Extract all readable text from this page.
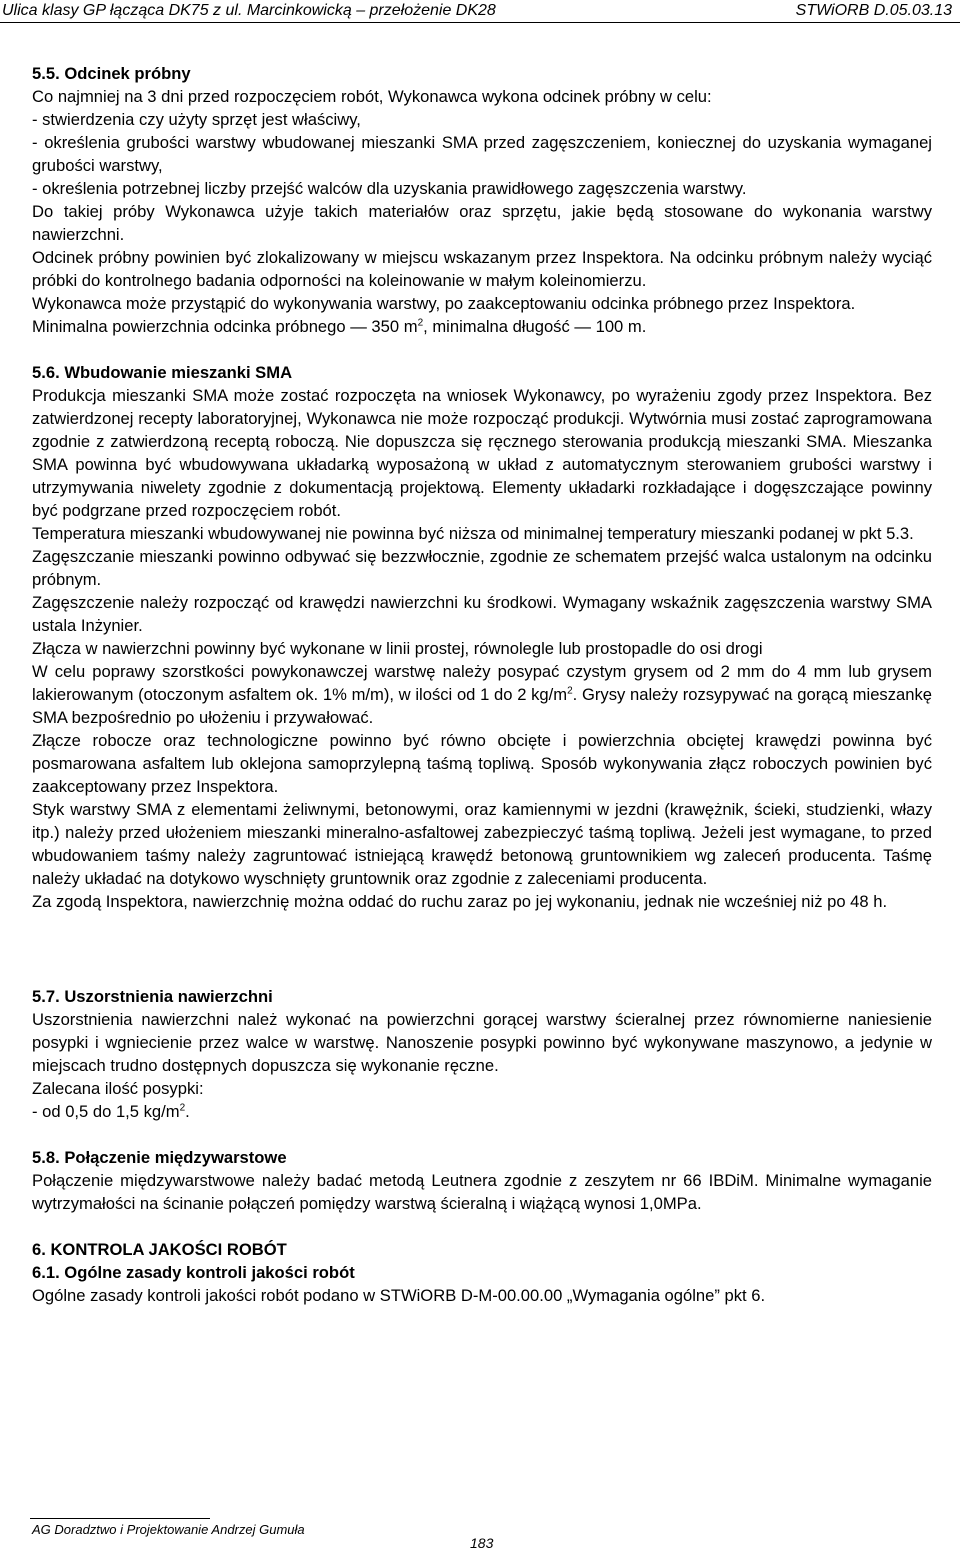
Ulica klasy GP łącząca DK75 z ul. Marcinkowicką – przełożenie DK28	STWiORB D.05.03.13

5.5. Odcinek próbny

Co najmniej na 3 dni przed rozpoczęciem robót, Wykonawca wykona odcinek próbny w celu:

- stwierdzenia czy użyty sprzęt jest właściwy,

- określenia grubości warstwy wbudowanej mieszanki SMA przed zagęszczeniem, koniecznej do uzyskania wymaganej grubości warstwy,

- określenia potrzebnej liczby przejść walców dla uzyskania prawidłowego zagęszczenia warstwy.

Do takiej próby Wykonawca użyje takich materiałów oraz sprzętu, jakie będą stosowane do wykonania warstwy nawierzchni.

Odcinek próbny powinien być zlokalizowany w miejscu wskazanym przez Inspektora. Na odcinku próbnym należy wyciąć próbki do kontrolnego badania odporności na koleinowanie w małym koleinomierzu.

Wykonawca może przystąpić do wykonywania warstwy, po zaakceptowaniu odcinka próbnego przez Inspektora.

Minimalna powierzchnia odcinka próbnego — 350 $m^2$, minimalna długość — 100 m.

5.6. Wbudowanie mieszanki SMA

Produkcja mieszanki SMA może zostać rozpoczęta na wniosek Wykonawcy, po wyrażeniu zgody przez Inspektora. Bez zatwierdzonej recepty laboratoryjnej, Wykonawca nie może rozpocząć produkcji. Wytwórnia musi zostać zaprogramowana zgodnie z zatwierdzoną receptą roboczą. Nie dopuszcza się ręcznego sterowania produkcją mieszanki SMA. Mieszanka SMA powinna być wbudowywana układarką wyposażoną w układ z automatycznym sterowaniem grubości warstwy i utrzymywania niwelety zgodnie z dokumentacją projektową. Elementy układarki rozkładające i dogęszczające powinny być podgrzane przed rozpoczęciem robót.

Temperatura mieszanki wbudowywanej nie powinna być niższa od minimalnej temperatury mieszanki podanej w pkt 5.3.

Zagęszczanie mieszanki powinno odbywać się bezzwłocznie, zgodnie ze schematem przejść walca ustalonym na odcinku próbnym.

Zagęszczenie należy rozpocząć od krawędzi nawierzchni ku środkowi. Wymagany wskaźnik zagęszczenia warstwy SMA ustala Inżynier.

Złącza w nawierzchni powinny być wykonane w linii prostej, równolegle lub prostopadle do osi drogi

W celu poprawy szorstkości powykonawczej warstwę należy posypać czystym grysem od 2 mm do 4 mm lub grysem lakierowanym (otoczonym asfaltem ok. 1% m/m), w ilości od 1 do 2 $kg/m^2$. Grysy należy rozsypywać na gorącą mieszankę SMA bezpośrednio po ułożeniu i przywałować.

Złącze robocze oraz technologiczne powinno być równo obcięte i powierzchnia obciętej krawędzi powinna być posmarowana asfaltem lub oklejona samoprzylepną taśmą topliwą. Sposób wykonywania złącz roboczych powinien być zaakceptowany przez Inspektora.

Styk warstwy SMA z elementami żeliwnymi, betonowymi, oraz kamiennymi w jezdni (krawężnik, ścieki, studzienki, włazy itp.) należy przed ułożeniem mieszanki mineralno-asfaltowej zabezpieczyć taśmą topliwą. Jeżeli jest wymagane, to przed wbudowaniem taśmy należy zagruntować istniejącą krawędź betonową gruntownikiem wg zaleceń producenta. Taśmę należy układać na dotykowo wyschnięty gruntownik oraz zgodnie z zaleceniami producenta.

Za zgodą Inspektora, nawierzchnię można oddać do ruchu zaraz po jej wykonaniu, jednak nie wcześniej niż po 48 h.

5.7. Uszorstnienia nawierzchni

Uszorstnienia nawierzchni należ wykonać na powierzchni gorącej warstwy ścieralnej przez równomierne naniesienie posypki i wgniecienie przez walce w warstwę. Nanoszenie posypki powinno być wykonywane maszynowo, a jedynie w miejscach trudno dostępnych dopuszcza się wykonanie ręczne.

Zalecana ilość posypki:

- od 0,5 do 1,5 $kg/m^2$.

5.8. Połączenie międzywarstowe

Połączenie międzywarstwowe należy badać metodą Leutnera zgodnie z zeszytem nr 66 IBDiM. Minimalne wymaganie wytrzymałości na ścinanie połączeń pomiędzy warstwą ścieralną i wiążącą wynosi 1,0MPa.

6. KONTROLA JAKOŚCI ROBÓT

6.1. Ogólne zasady kontroli jakości robót

Ogólne zasady kontroli jakości robót podano w STWiORB D-M-00.00.00 „Wymagania ogólne” pkt 6.

AG Doradztwo i Projektowanie Andrzej Gumuła
183
